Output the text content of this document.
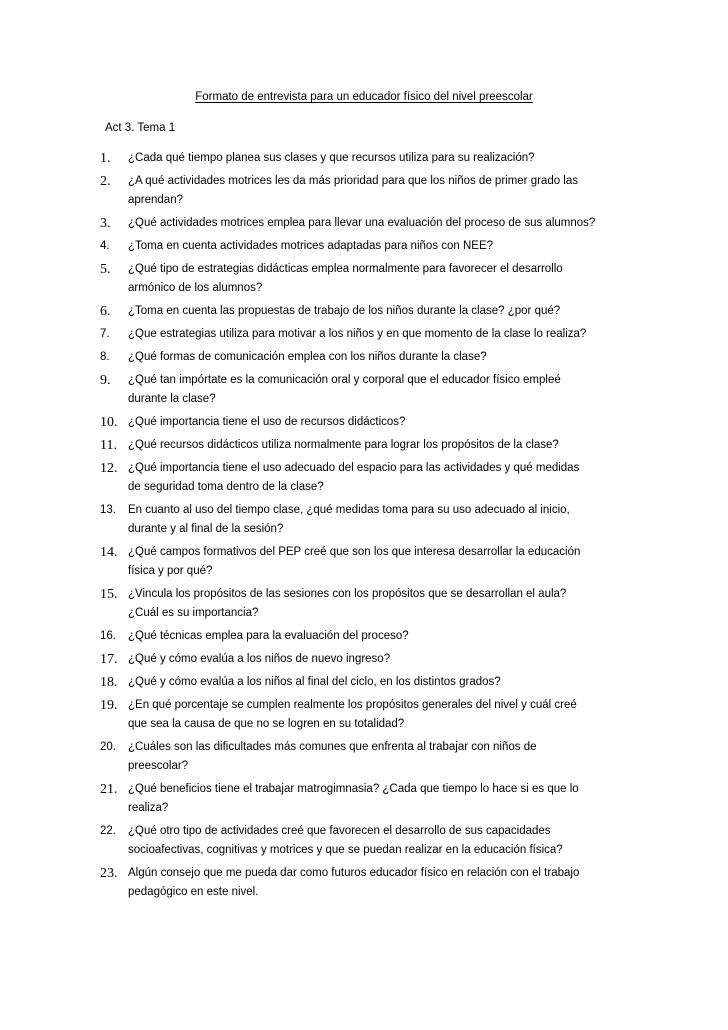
Formato de entrevista para un educador físico del nivel preescolar
Act 3. Tema 1
1.	¿Cada qué tiempo planea sus clases y que recursos utiliza para su realización?
2.	¿A qué actividades motrices les da más prioridad para que los niños de primer grado las
aprendan?
3.	¿Qué actividades motrices emplea para llevar una evaluación del proceso de sus alumnos?
4.	¿Toma en cuenta actividades motrices adaptadas para niños con NEE?
5.	¿Qué tipo de estrategias didácticas emplea normalmente para favorecer el desarrollo
armónico de los alumnos?
6.	¿Toma en cuenta las propuestas de trabajo de los niños durante la clase? ¿por qué?
7.	¿Que estrategias utiliza para motivar a los niños y en que momento de la clase lo realiza?
8.	¿Qué formas de comunicación emplea con los niños durante la clase?
9.	¿Qué tan impórtate es la comunicación oral y corporal que el educador físico empleé
durante la clase?
10. ¿Qué importancia tiene el uso de recursos didácticos?
11. ¿Qué recursos didácticos utiliza normalmente para lograr los propósitos de la clase?
12. ¿Qué importancia tiene el uso adecuado del espacio para las actividades y qué medidas
de seguridad toma dentro de la clase?
13.	En cuanto al uso del tiempo clase, ¿qué medidas toma para su uso adecuado al inicio,
durante y al final de la sesión?
14. ¿Qué campos formativos del PEP creé que son los que interesa desarrollar la educación
física y por qué?
15. ¿Vincula los propósitos de las sesiones con los propósitos que se desarrollan el aula?
¿Cuál es su importancia?
16.	¿Qué técnicas emplea para la evaluación del proceso?
17. ¿Qué y cómo evalúa a los niños de nuevo ingreso?
18. ¿Qué y cómo evalúa a los niños al final del ciclo, en los distintos grados?
19. ¿En qué porcentaje se cumplen realmente los propósitos generales del nivel y cuál creé
que sea la causa de que no se logren en su totalidad?
20.	¿Cuáles son las dificultades más comunes que enfrenta al trabajar con niños de
preescolar?
21. ¿Qué beneficios tiene el trabajar matrogimnasia? ¿Cada que tiempo lo hace si es que lo
realiza?
22.	¿Qué otro tipo de actividades creé que favorecen el desarrollo de sus capacidades
socioafectivas, cognitivas y motrices y que se puedan realizar en la educación física?
23. Algún consejo que me pueda dar como futuros educador físico en relación con el trabajo
pedagógico en este nivel.
